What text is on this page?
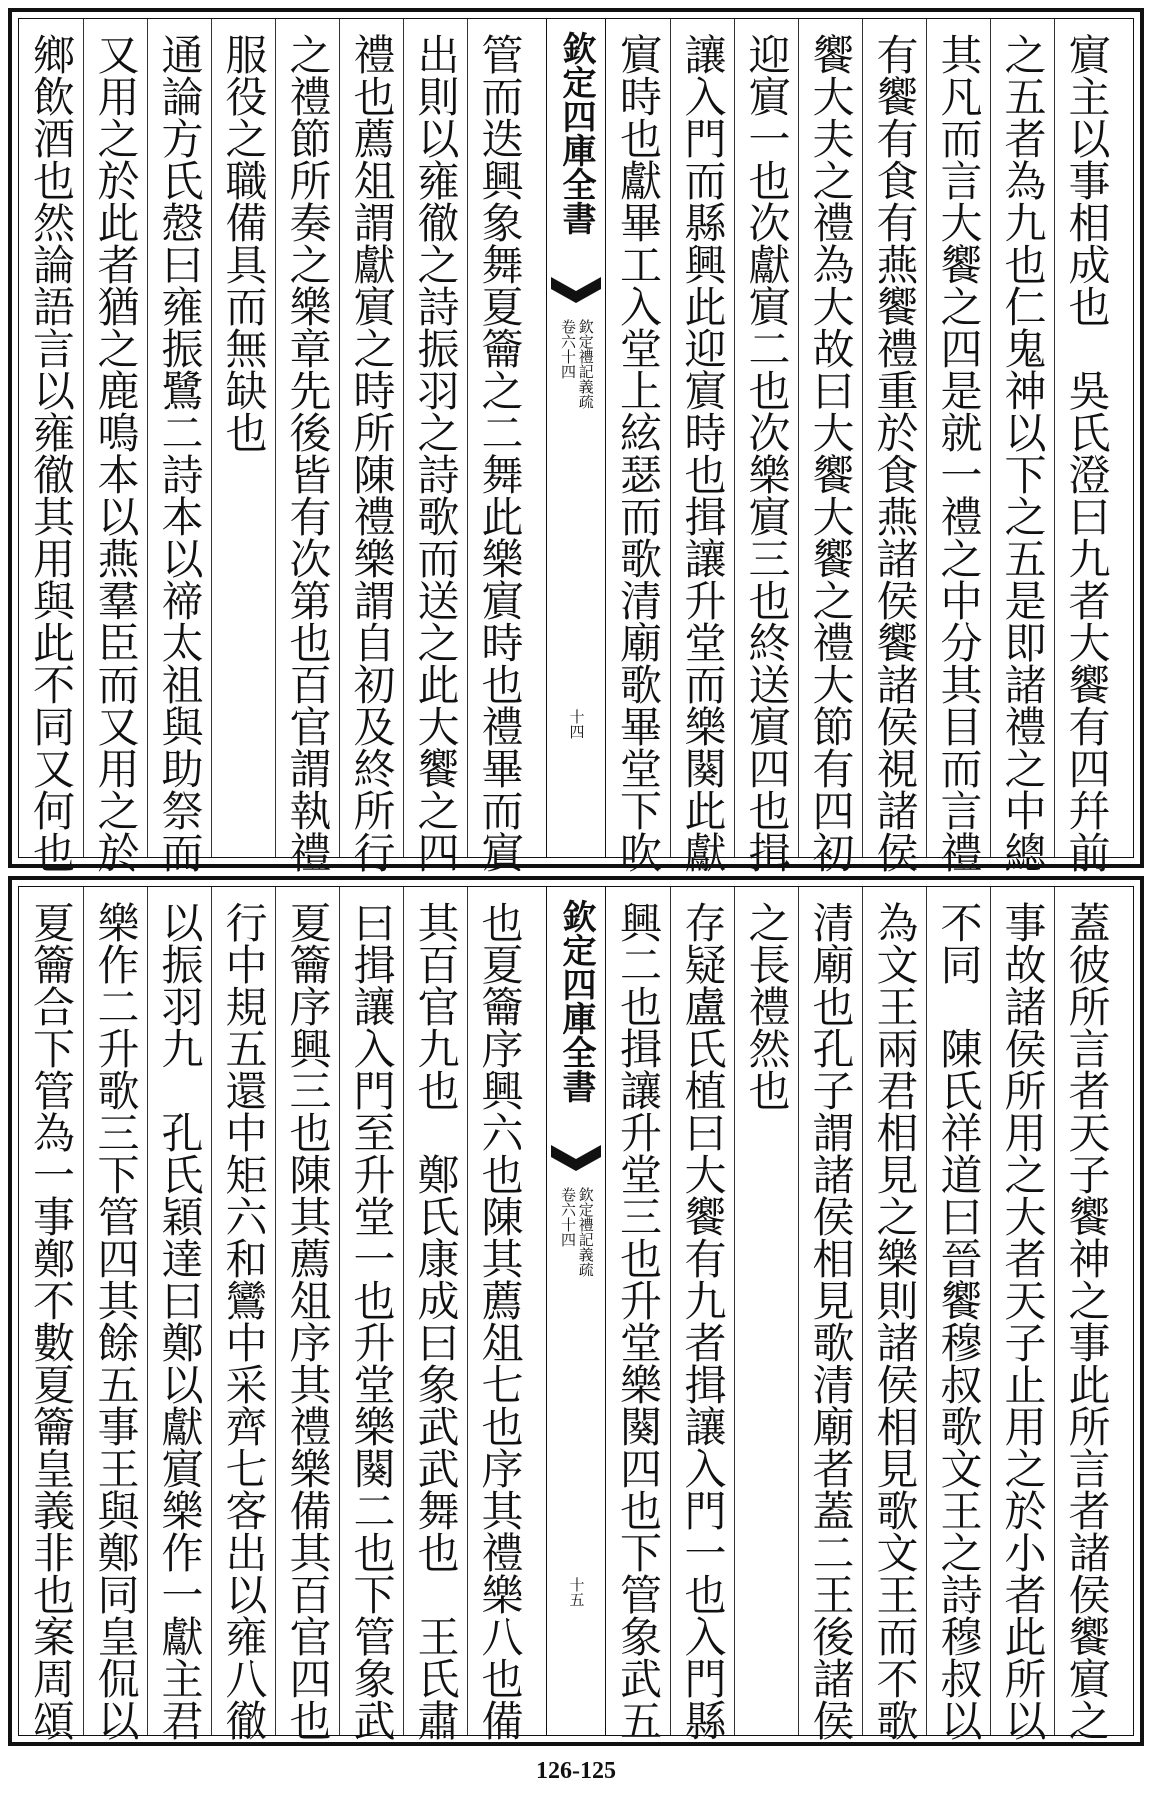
鄉飲酒也然論語言以雍徹其用與此不同又何也 又用之於此者猶之鹿鳴本以燕羣臣而又用之於 通論方氏慤曰雍振鷺二詩本以禘太祖與助祭而 服役之職備具而無缺也 之禮節所奏之樂章先後皆有次第也百官謂執禮 禮也薦俎謂獻賔之時所陳禮樂謂自初及終所行 出則以雍徹之詩振羽之詩歌而送之此大饗之四 管而迭興象舞夏籥之二舞此樂賔時也禮畢而賔 欽定四庫全書
卷六十四 欽定禮記義疏
十四 賔時也獻畢工入堂上絃瑟而歌清廟歌畢堂下吹 讓入門而縣興此迎賔時也揖讓升堂而樂闋此獻 迎賔一也次獻賔二也次樂賔三也終送賔四也揖 饗大夫之禮為大故曰大饗大饗之禮大節有四初 有饗有食有燕饗禮重於食燕諸侯饗諸侯視諸侯 其凡而言大饗之四是就一禮之中分其目而言禮 之五者為九也仁鬼神以下之五是即諸禮之中總 賔主以事相成也　吳氏澄曰九者大饗有四幷前
夏籥合下管為一事鄭不數夏籥皇義非也案周頌 樂作二升歌三下管四其餘五事王與鄭同皇侃以 以振羽九　孔氏穎達曰鄭以獻賔樂作一獻主君 行中規五還中矩六和鸞中采齊七客出以雍八徹 夏籥序興三也陳其薦俎序其禮樂備其百官四也 曰揖讓入門至升堂一也升堂樂闋二也下管象武 其百官九也　鄭氏康成曰象武武舞也　王氏肅 也夏籥序興六也陳其薦俎七也序其禮樂八也備 欽定四庫全書
卷六十四 欽定禮記義疏
十五 興二也揖讓升堂三也升堂樂闋四也下管象武五 存疑盧氏植曰大饗有九者揖讓入門一也入門縣 之長禮然也 清廟也孔子謂諸侯相見歌清廟者蓋二王後諸侯 為文王兩君相見之樂則諸侯相見歌文王而不歌 不同　陳氏祥道曰晉饗穆叔歌文王之詩穆叔以 事故諸侯所用之大者天子止用之於小者此所以 蓋彼所言者天子饗神之事此所言者諸侯饗賔之
126-125
